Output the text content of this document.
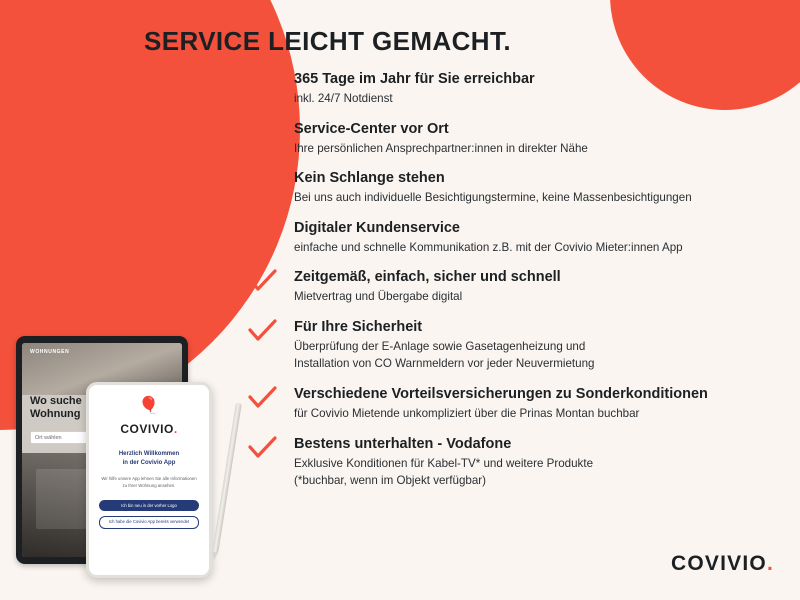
SERVICE LEICHT GEMACHT.

365 Tage im Jahr für Sie erreichbar

inkl. 24/7 Notdienst

Service-Center vor Ort

Ihre persönlichen Ansprechpartner:innen in direkter Nähe

Kein Schlange stehen

Bei uns auch individuelle Besichtigungstermine, keine Massenbesichtigungen

Digitaler Kundenservice

einfache und schnelle Kommunikation z.B. mit der Covivio Mieter:innen App

Zeitgemäß, einfach, sicher und schnell

Mietvertrag und Übergabe digital

Für Ihre Sicherheit

Überprüfung der E-Anlage sowie Gasetagenheizung und

Installation von CO Warnmeldern vor jeder Neuvermietung

Verschiedene Vorteilsversicherungen zu Sonderkonditionen

für Covivio Mietende unkompliziert über die Prinas Montan buchbar

Bestens unterhalten - Vodafone

Exklusive Konditionen für Kabel-TV* und weitere Produkte

(*buchbar, wenn im Objekt verfügbar)

WOHNUNGEN
Wo suche
Wohnung
Ort wählen
🎈
COVIVIO.
Herzlich Willkommen
in der Covivio App
Wir hilfe unsere App lehnen Sie alle Informationen zu Ihrer Wohnung ansehen.
Ich bin neu in der vorher Logo
Ich habe die Covivio App bereits verwendet
COVIVIO.
